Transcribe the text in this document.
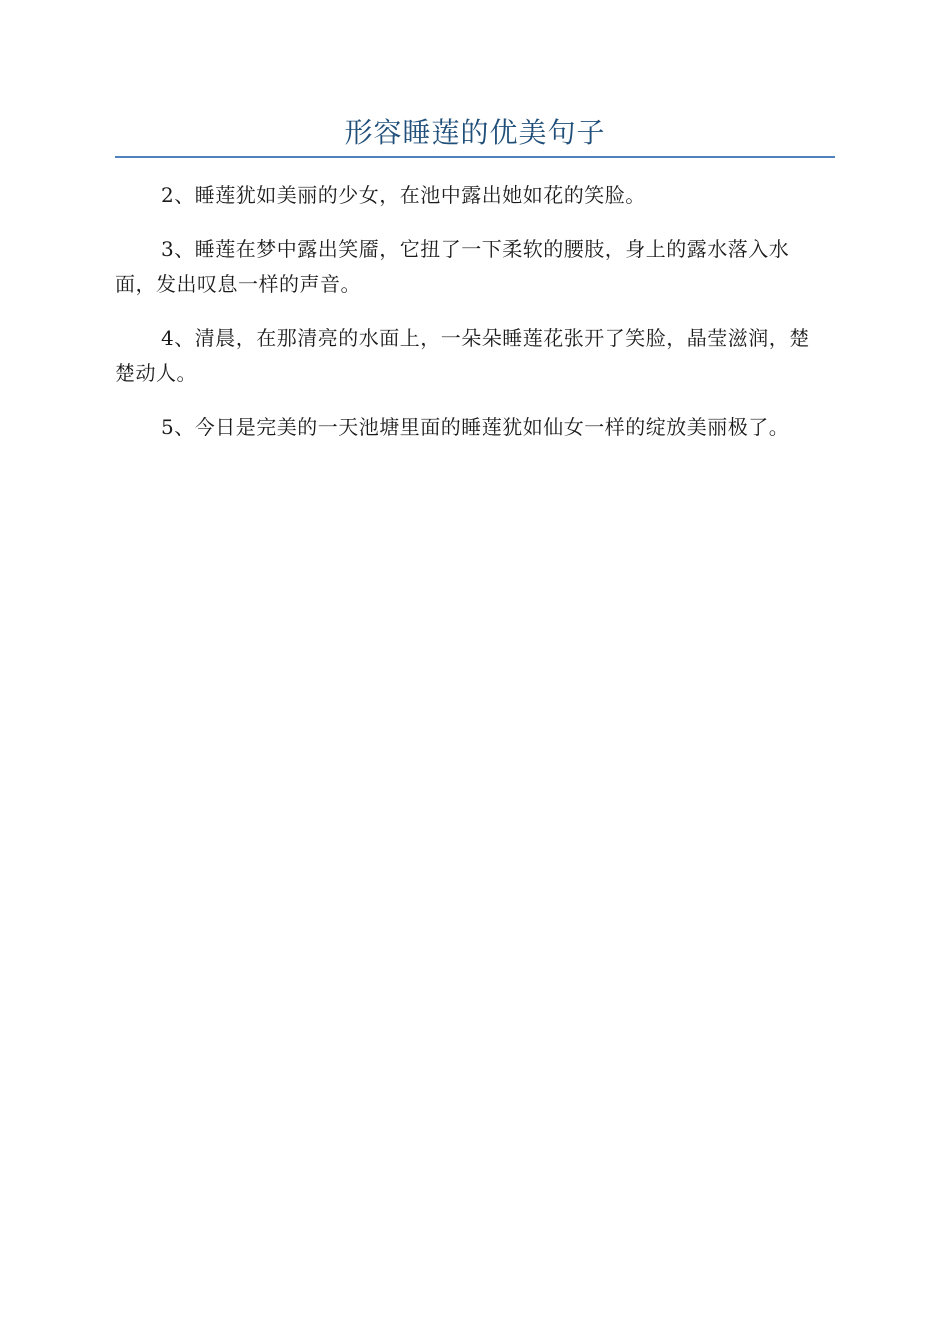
形容睡莲的优美句子

2、睡莲犹如美丽的少女，在池中露出她如花的笑脸。

3、睡莲在梦中露出笑靥，它扭了一下柔软的腰肢，身上的露水落入水面，发出叹息一样的声音。

4、清晨，在那清亮的水面上，一朵朵睡莲花张开了笑脸，晶莹滋润，楚楚动人。

5、今日是完美的一天池塘里面的睡莲犹如仙女一样的绽放美丽极了。
